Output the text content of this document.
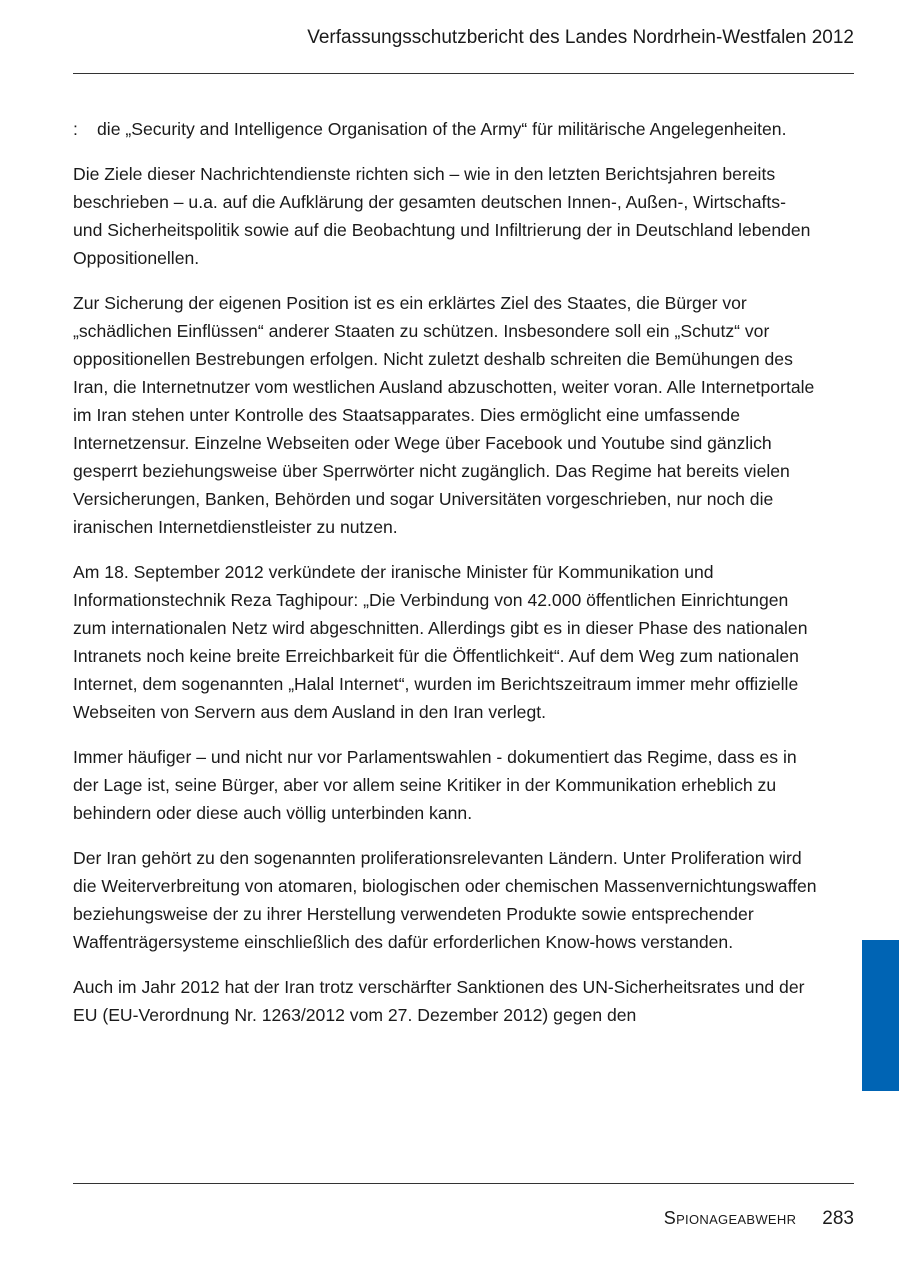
Verfassungsschutzbericht des Landes Nordrhein-Westfalen 2012
:	die „Security and Intelligence Organisation of the Army“ für militärische Angelegenheiten.

Die Ziele dieser Nachrichtendienste richten sich – wie in den letzten Berichtsjahren bereits beschrieben – u.a. auf die Aufklärung der gesamten deutschen Innen-, Außen-, Wirtschafts- und Sicherheitspolitik sowie auf die Beobachtung und Infiltrierung der in Deutschland lebenden Oppositionellen.

Zur Sicherung der eigenen Position ist es ein erklärtes Ziel des Staates, die Bürger vor „schädlichen Einflüssen“ anderer Staaten zu schützen. Insbesondere soll ein „Schutz“ vor oppositionellen Bestrebungen erfolgen. Nicht zuletzt deshalb schreiten die Bemühungen des Iran, die Internetnutzer vom westlichen Ausland abzuschotten, weiter voran. Alle Internetportale im Iran stehen unter Kontrolle des Staatsapparates. Dies ermöglicht eine umfassende Internetzensur. Einzelne Webseiten oder Wege über Facebook und Youtube sind gänzlich gesperrt beziehungsweise über Sperrwörter nicht zugänglich. Das Regime hat bereits vielen Versicherungen, Banken, Behörden und sogar Universitäten vorgeschrieben, nur noch die iranischen Internetdienstleister zu nutzen.

Am 18. September 2012 verkündete der iranische Minister für Kommunikation und Informationstechnik Reza Taghipour: „Die Verbindung von 42.000 öffentlichen Einrichtungen zum internationalen Netz wird abgeschnitten. Allerdings gibt es in dieser Phase des nationalen Intranets noch keine breite Erreichbarkeit für die Öffentlichkeit“. Auf dem Weg zum nationalen Internet, dem sogenannten „Halal Internet“, wurden im Berichtszeitraum immer mehr offizielle Webseiten von Servern aus dem Ausland in den Iran verlegt.

Immer häufiger – und nicht nur vor Parlamentswahlen - dokumentiert das Regime, dass es in der Lage ist, seine Bürger, aber vor allem seine Kritiker in der Kommunikation erheblich zu behindern oder diese auch völlig unterbinden kann.

Der Iran gehört zu den sogenannten proliferationsrelevanten Ländern. Unter Proliferation wird die Weiterverbreitung von atomaren, biologischen oder chemischen Massenvernichtungswaffen beziehungsweise der zu ihrer Herstellung verwendeten Produkte sowie entsprechender Waffenträgersysteme einschließlich des dafür erforderlichen Know-hows verstanden.

Auch im Jahr 2012 hat der Iran trotz verschärfter Sanktionen des UN-Sicherheitsrates und der EU (EU-Verordnung Nr. 1263/2012 vom 27. Dezember 2012) gegen den

Spionageabwehr 283
